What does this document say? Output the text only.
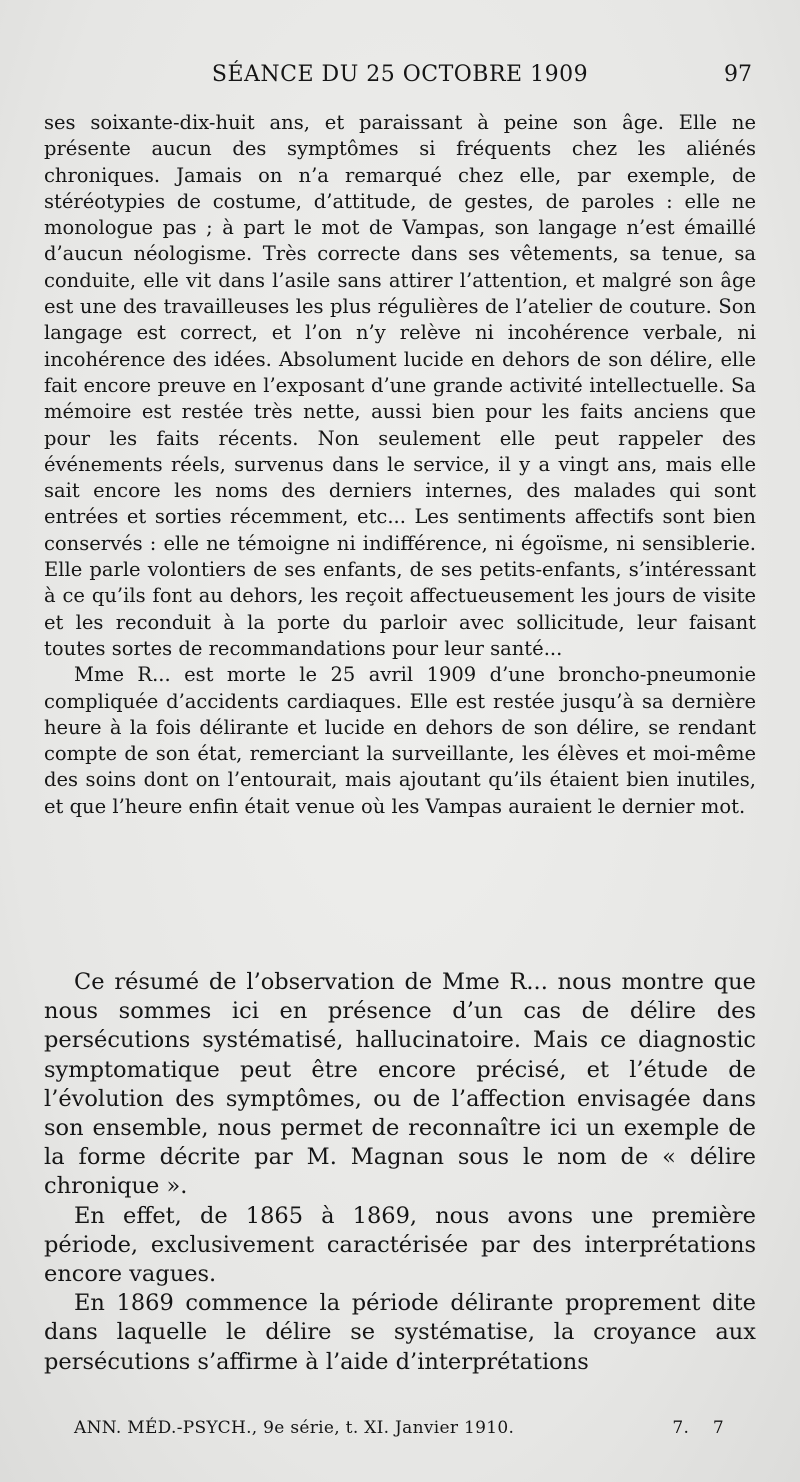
SÉANCE DU 25 OCTOBRE 1909	97

ses soixante-dix-huit ans, et paraissant à peine son âge. Elle ne présente aucun des symptômes si fréquents chez les aliénés chroniques. Jamais on n’a remarqué chez elle, par exemple, de stéréotypies de costume, d’attitude, de gestes, de paroles : elle ne monologue pas ; à part le mot de Vampas, son langage n’est émaillé d’aucun néologisme. Très correcte dans ses vêtements, sa tenue, sa conduite, elle vit dans l’asile sans attirer l’attention, et malgré son âge est une des travailleuses les plus régulières de l’atelier de couture. Son langage est correct, et l’on n’y relève ni incohérence verbale, ni incohérence des idées. Absolument lucide en dehors de son délire, elle fait encore preuve en l’exposant d’une grande activité intellectuelle. Sa mémoire est restée très nette, aussi bien pour les faits anciens que pour les faits récents. Non seulement elle peut rappeler des événements réels, survenus dans le service, il y a vingt ans, mais elle sait encore les noms des derniers internes, des malades qui sont entrées et sorties récemment, etc... Les sentiments affectifs sont bien conservés : elle ne témoigne ni indifférence, ni égoïsme, ni sensiblerie. Elle parle volontiers de ses enfants, de ses petits-enfants, s’intéressant à ce qu’ils font au dehors, les reçoit affectueusement les jours de visite et les reconduit à la porte du parloir avec sollicitude, leur faisant toutes sortes de recommandations pour leur santé...

Mme R... est morte le 25 avril 1909 d’une broncho-pneumonie compliquée d’accidents cardiaques. Elle est restée jusqu’à sa dernière heure à la fois délirante et lucide en dehors de son délire, se rendant compte de son état, remerciant la surveillante, les élèves et moi-même des soins dont on l’entourait, mais ajoutant qu’ils étaient bien inutiles, et que l’heure enfin était venue où les Vampas auraient le dernier mot.

Ce résumé de l’observation de Mme R... nous montre que nous sommes ici en présence d’un cas de délire des persécutions systématisé, hallucinatoire. Mais ce diagnostic symptomatique peut être encore précisé, et l’étude de l’évolution des symptômes, ou de l’affection envisagée dans son ensemble, nous permet de reconnaître ici un exemple de la forme décrite par M. Magnan sous le nom de « délire chronique ».

En effet, de 1865 à 1869, nous avons une première période, exclusivement caractérisée par des interprétations encore vagues.

En 1869 commence la période délirante proprement dite dans laquelle le délire se systématise, la croyance aux persécutions s’affirme à l’aide d’interprétations

ANN. MÉD.-PSYCH., 9e série, t. XI. Janvier 1910.	7. 7
